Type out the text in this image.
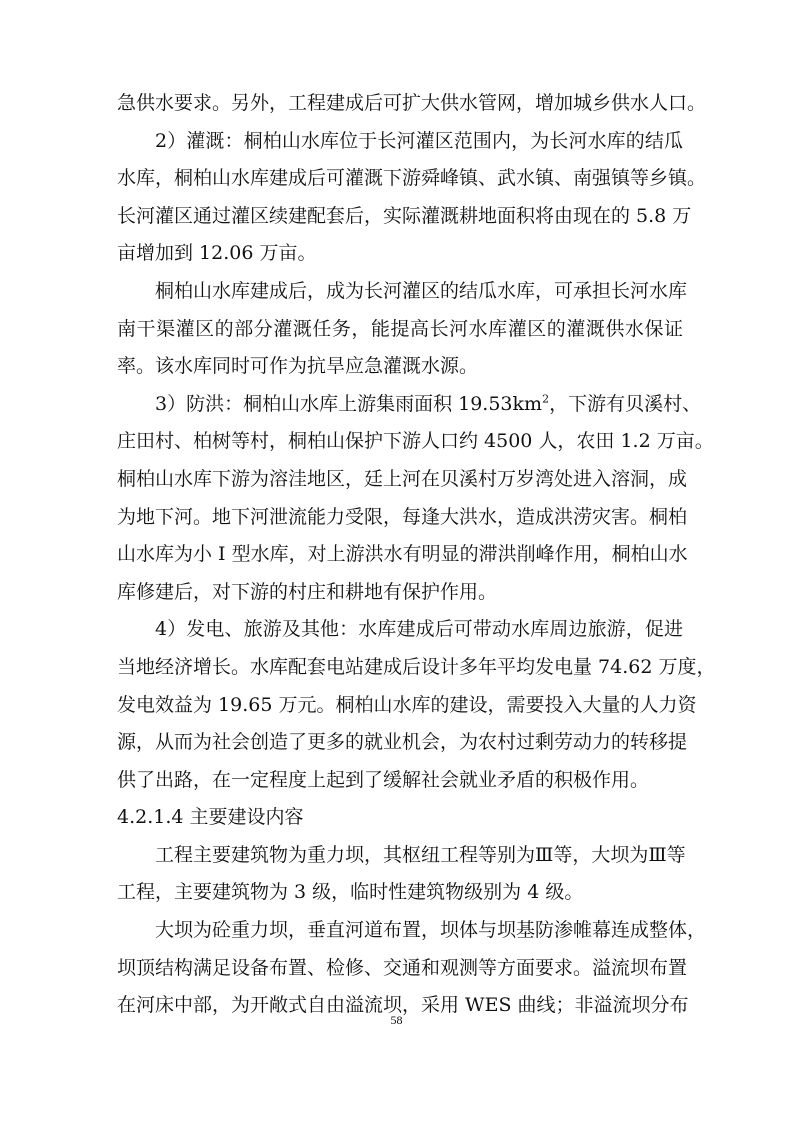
急供水要求。另外，工程建成后可扩大供水管网，增加城乡供水人口。
2）灌溉：桐柏山水库位于长河灌区范围内，为长河水库的结瓜
水库，桐柏山水库建成后可灌溉下游舜峰镇、武水镇、南强镇等乡镇。
长河灌区通过灌区续建配套后，实际灌溉耕地面积将由现在的 5.8 万
亩增加到 12.06 万亩。
桐柏山水库建成后，成为长河灌区的结瓜水库，可承担长河水库
南干渠灌区的部分灌溉任务，能提高长河水库灌区的灌溉供水保证
率。该水库同时可作为抗旱应急灌溉水源。
3）防洪：桐柏山水库上游集雨面积 $19.53km^2$，下游有贝溪村、
庄田村、柏树等村，桐柏山保护下游人口约 4500 人，农田 1.2 万亩。
桐柏山水库下游为溶洼地区，廷上河在贝溪村万岁湾处进入溶洞，成
为地下河。地下河泄流能力受限，每逢大洪水，造成洪涝灾害。桐柏
山水库为小 I 型水库，对上游洪水有明显的滞洪削峰作用，桐柏山水
库修建后，对下游的村庄和耕地有保护作用。
4）发电、旅游及其他：水库建成后可带动水库周边旅游，促进
当地经济增长。水库配套电站建成后设计多年平均发电量 74.62 万度，
发电效益为 19.65 万元。桐柏山水库的建设，需要投入大量的人力资
源，从而为社会创造了更多的就业机会，为农村过剩劳动力的转移提
供了出路，在一定程度上起到了缓解社会就业矛盾的积极作用。
4.2.1.4 主要建设内容
工程主要建筑物为重力坝，其枢纽工程等别为Ⅲ等，大坝为Ⅲ等
工程，主要建筑物为 3 级，临时性建筑物级别为 4 级。
大坝为砼重力坝，垂直河道布置，坝体与坝基防渗帷幕连成整体，
坝顶结构满足设备布置、检修、交通和观测等方面要求。溢流坝布置
在河床中部，为开敞式自由溢流坝，采用 WES 曲线；非溢流坝分布
58
